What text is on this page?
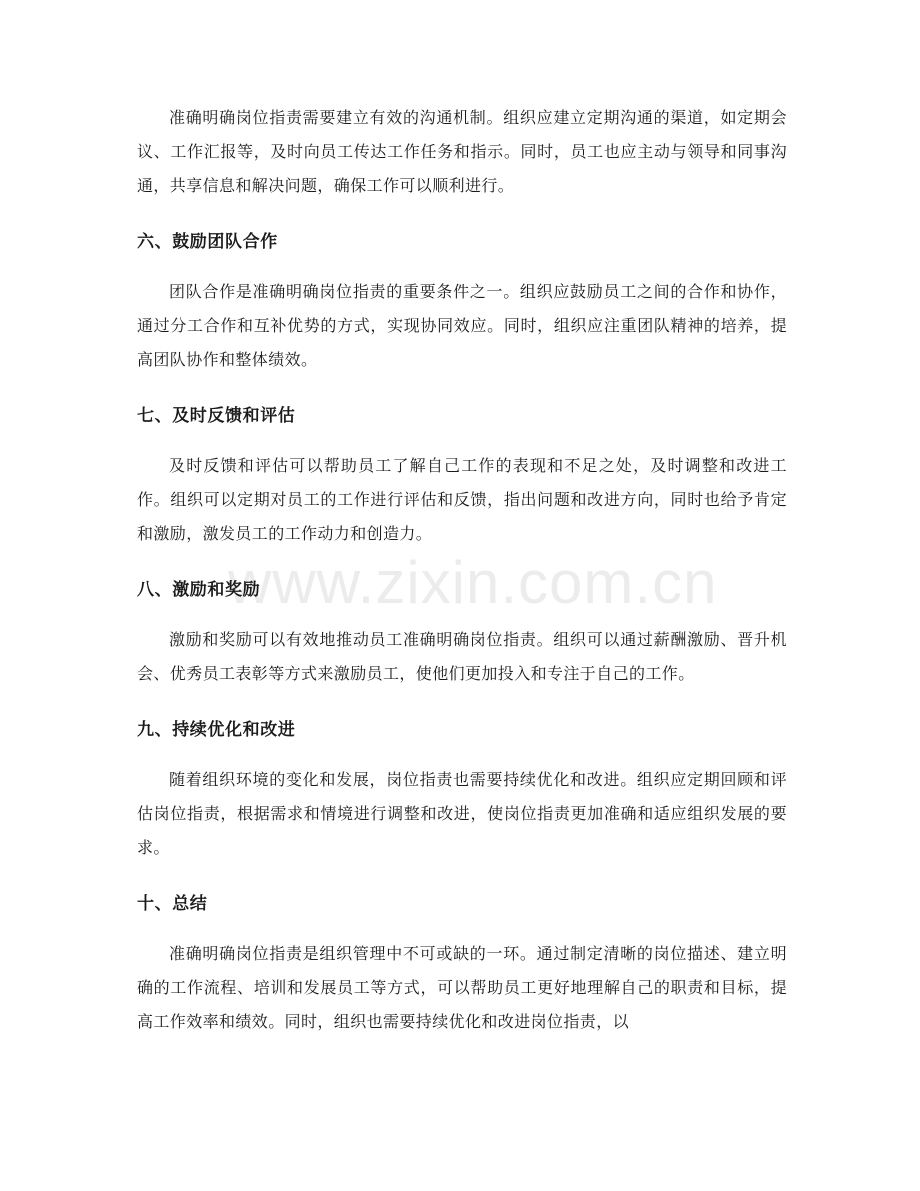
www.zixin.com.cn

准确明确岗位指责需要建立有效的沟通机制。组织应建立定期沟通的渠道，如定期会议、工作汇报等，及时向员工传达工作任务和指示。同时，员工也应主动与领导和同事沟通，共享信息和解决问题，确保工作可以顺利进行。

六、鼓励团队合作

团队合作是准确明确岗位指责的重要条件之一。组织应鼓励员工之间的合作和协作，通过分工合作和互补优势的方式，实现协同效应。同时，组织应注重团队精神的培养，提高团队协作和整体绩效。

七、及时反馈和评估

及时反馈和评估可以帮助员工了解自己工作的表现和不足之处，及时调整和改进工作。组织可以定期对员工的工作进行评估和反馈，指出问题和改进方向，同时也给予肯定和激励，激发员工的工作动力和创造力。

八、激励和奖励

激励和奖励可以有效地推动员工准确明确岗位指责。组织可以通过薪酬激励、晋升机会、优秀员工表彰等方式来激励员工，使他们更加投入和专注于自己的工作。

九、持续优化和改进

随着组织环境的变化和发展，岗位指责也需要持续优化和改进。组织应定期回顾和评估岗位指责，根据需求和情境进行调整和改进，使岗位指责更加准确和适应组织发展的要求。

十、总结

准确明确岗位指责是组织管理中不可或缺的一环。通过制定清晰的岗位描述、建立明确的工作流程、培训和发展员工等方式，可以帮助员工更好地理解自己的职责和目标，提高工作效率和绩效。同时，组织也需要持续优化和改进岗位指责，以
